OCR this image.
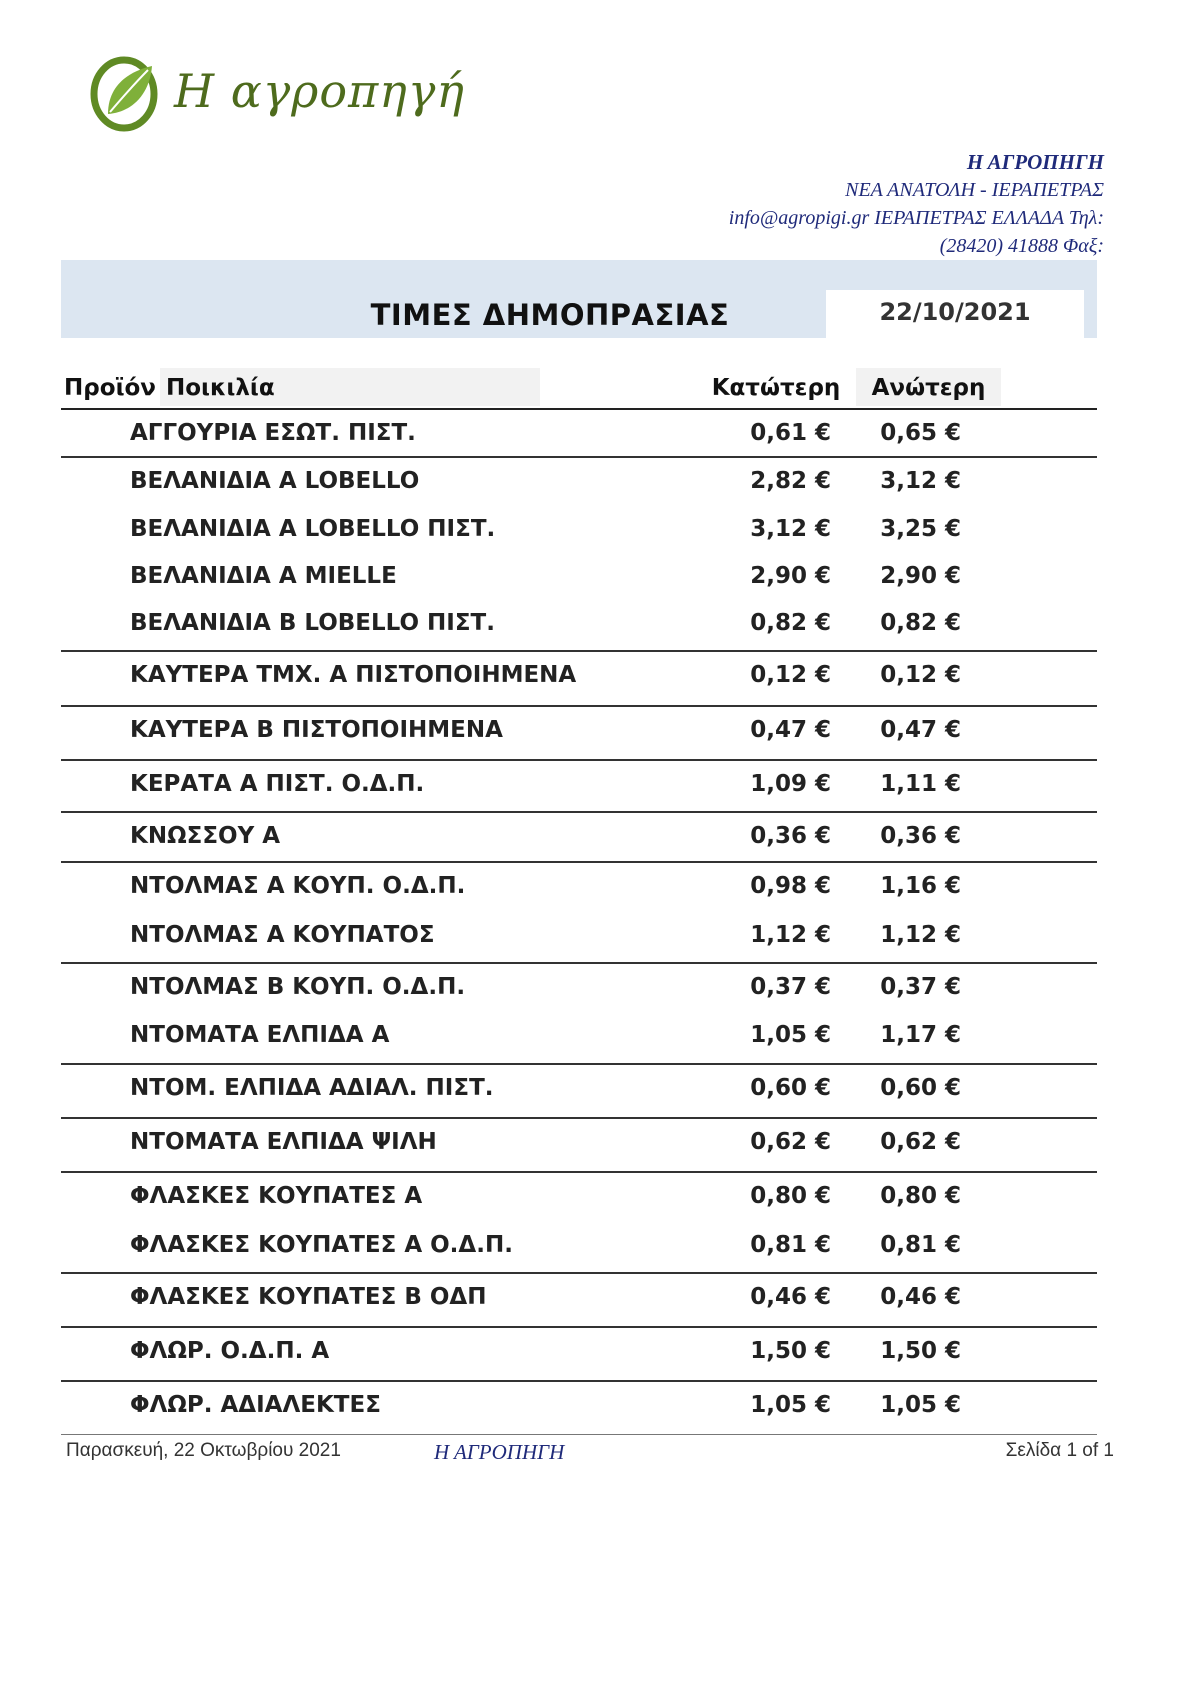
Η αγροπηγή
Η ΑΓΡΟΠΗΓΗ
ΝΕΑ ΑΝΑΤΟΛΗ - ΙΕΡΑΠΕΤΡΑΣ
info@agropigi.gr ΙΕΡΑΠΕΤΡΑΣ ΕΛΛΑΔΑ Τηλ:
(28420) 41888 Φαξ:
ΤΙΜΕΣ ΔΗΜΟΠΡΑΣΙΑΣ	22/10/2021
Προϊόν Ποικιλία	Κατώτερη	Ανώτερη
ΑΓΓΟΥΡΙΑ ΕΣΩΤ. ΠΙΣΤ.	0,61 €	0,65 €
ΒΕΛΑΝΙΔΙΑ Α LOBELLO	2,82 €	3,12 €
ΒΕΛΑΝΙΔΙΑ Α LOBELLO ΠΙΣΤ.	3,12 €	3,25 €
ΒΕΛΑΝΙΔΙΑ Α MIELLE	2,90 €	2,90 €
ΒΕΛΑΝΙΔΙΑ Β LOBELLO ΠΙΣΤ.	0,82 €	0,82 €
ΚΑΥΤΕΡΑ ΤΜΧ. Α ΠΙΣΤΟΠΟΙΗΜΕΝΑ	0,12 €	0,12 €
ΚΑΥΤΕΡΑ Β ΠΙΣΤΟΠΟΙΗΜΕΝΑ	0,47 €	0,47 €
ΚΕΡΑΤΑ Α ΠΙΣΤ. Ο.Δ.Π.	1,09 €	1,11 €
ΚΝΩΣΣΟΥ Α	0,36 €	0,36 €
ΝΤΟΛΜΑΣ Α ΚΟΥΠ. Ο.Δ.Π.	0,98 €	1,16 €
ΝΤΟΛΜΑΣ Α ΚΟΥΠΑΤΟΣ	1,12 €	1,12 €
ΝΤΟΛΜΑΣ Β ΚΟΥΠ. Ο.Δ.Π.	0,37 €	0,37 €
ΝΤΟΜΑΤΑ ΕΛΠΙΔΑ Α	1,05 €	1,17 €
ΝΤΟΜ. ΕΛΠΙΔΑ ΑΔΙΑΛ. ΠΙΣΤ.	0,60 €	0,60 €
ΝΤΟΜΑΤΑ ΕΛΠΙΔΑ ΨΙΛΗ	0,62 €	0,62 €
ΦΛΑΣΚΕΣ ΚΟΥΠΑΤΕΣ Α	0,80 €	0,80 €
ΦΛΑΣΚΕΣ ΚΟΥΠΑΤΕΣ Α Ο.Δ.Π.	0,81 €	0,81 €
ΦΛΑΣΚΕΣ ΚΟΥΠΑΤΕΣ Β ΟΔΠ	0,46 €	0,46 €
ΦΛΩΡ. Ο.Δ.Π. Α	1,50 €	1,50 €
ΦΛΩΡ. ΑΔΙΑΛΕΚΤΕΣ	1,05 €	1,05 €
Παρασκευή, 22 Οκτωβρίου 2021	Η ΑΓΡΟΠΗΓΗ	Σελίδα 1 of 1
